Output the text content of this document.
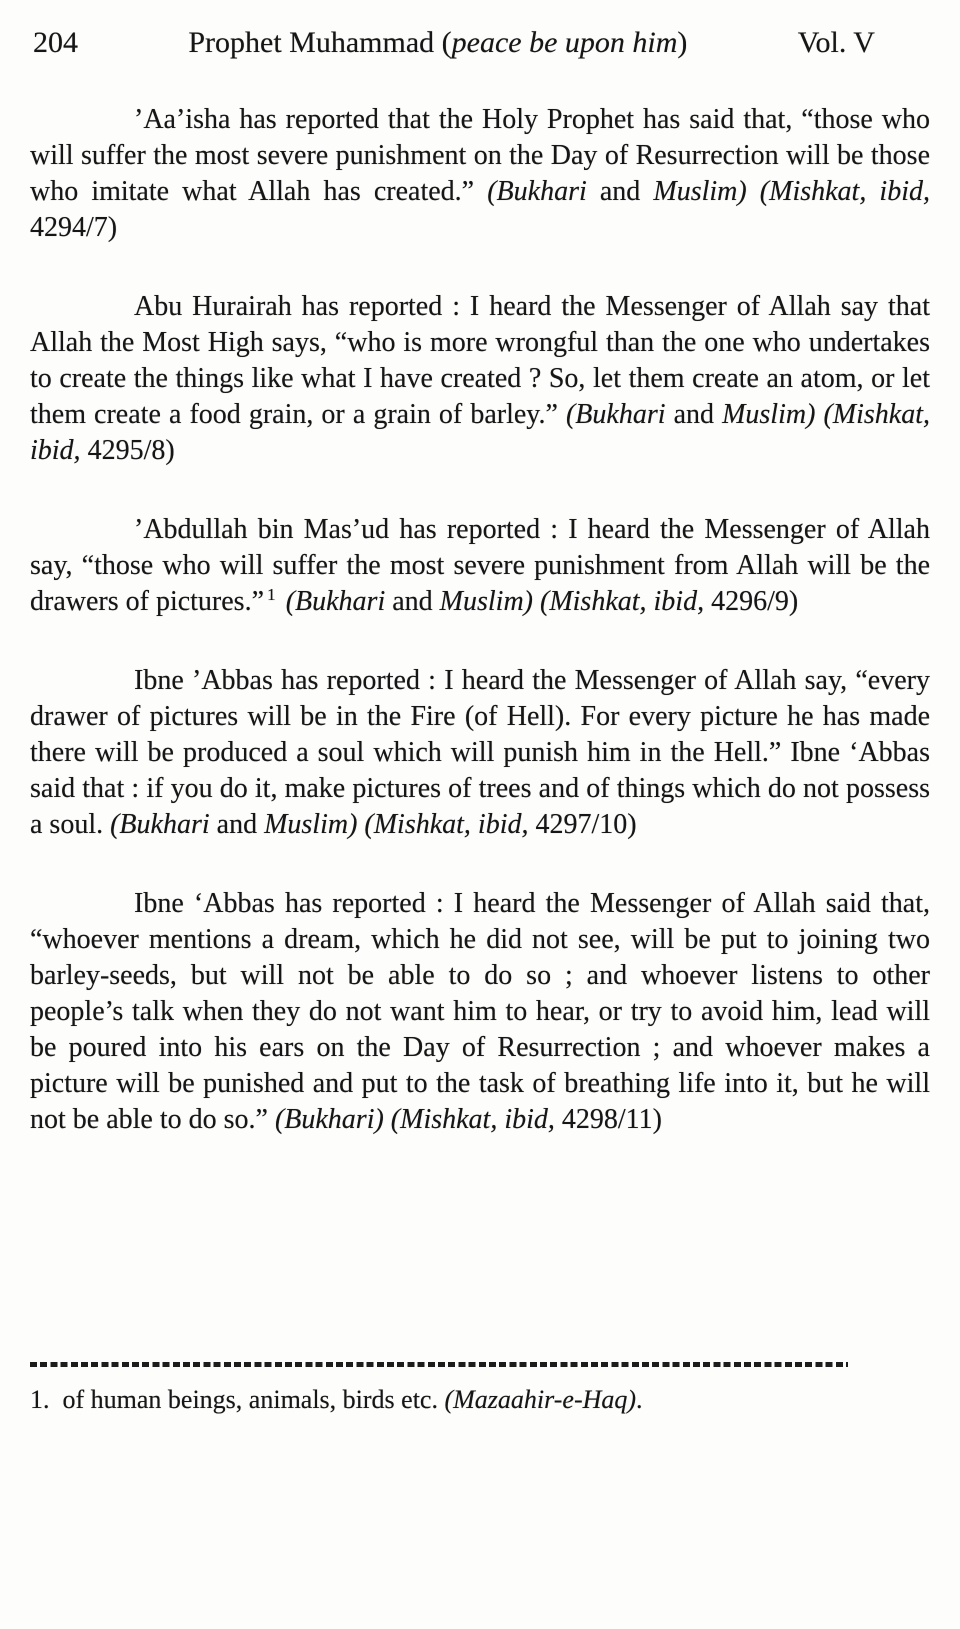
204	Prophet Muhammad (peace be upon him)	Vol. V

’Aa’isha has reported that the Holy Prophet has said that, “those who will suffer the most severe punishment on the Day of Resurrection will be those who imitate what Allah has created.” (Bukhari and Muslim) (Mishkat, ibid, 4294/7)

Abu Hurairah has reported : I heard the Messenger of Allah say that Allah the Most High says, “who is more wrongful than the one who undertakes to create the things like what I have created ? So, let them create an atom, or let them create a food grain, or a grain of barley.” (Bukhari and Muslim) (Mishkat, ibid, 4295/8)

’Abdullah bin Mas’ud has reported : I heard the Messenger of Allah say, “those who will suffer the most severe punishment from Allah will be the drawers of pictures.” $^1$ (Bukhari and Muslim) (Mishkat, ibid, 4296/9)

Ibne ’Abbas has reported : I heard the Messenger of Allah say, “every drawer of pictures will be in the Fire (of Hell). For every picture he has made there will be produced a soul which will punish him in the Hell.” Ibne ‘Abbas said that : if you do it, make pictures of trees and of things which do not possess a soul. (Bukhari and Muslim) (Mishkat, ibid, 4297/10)

Ibne ‘Abbas has reported : I heard the Messenger of Allah said that, “whoever mentions a dream, which he did not see, will be put to joining two barley-seeds, but will not be able to do so ; and whoever listens to other people’s talk when they do not want him to hear, or try to avoid him, lead will be poured into his ears on the Day of Resurrection ; and whoever makes a picture will be punished and put to the task of breathing life into it, but he will not be able to do so.” (Bukhari) (Mishkat, ibid, 4298/11)

1.  of human beings, animals, birds etc. (Mazaahir-e-Haq).
